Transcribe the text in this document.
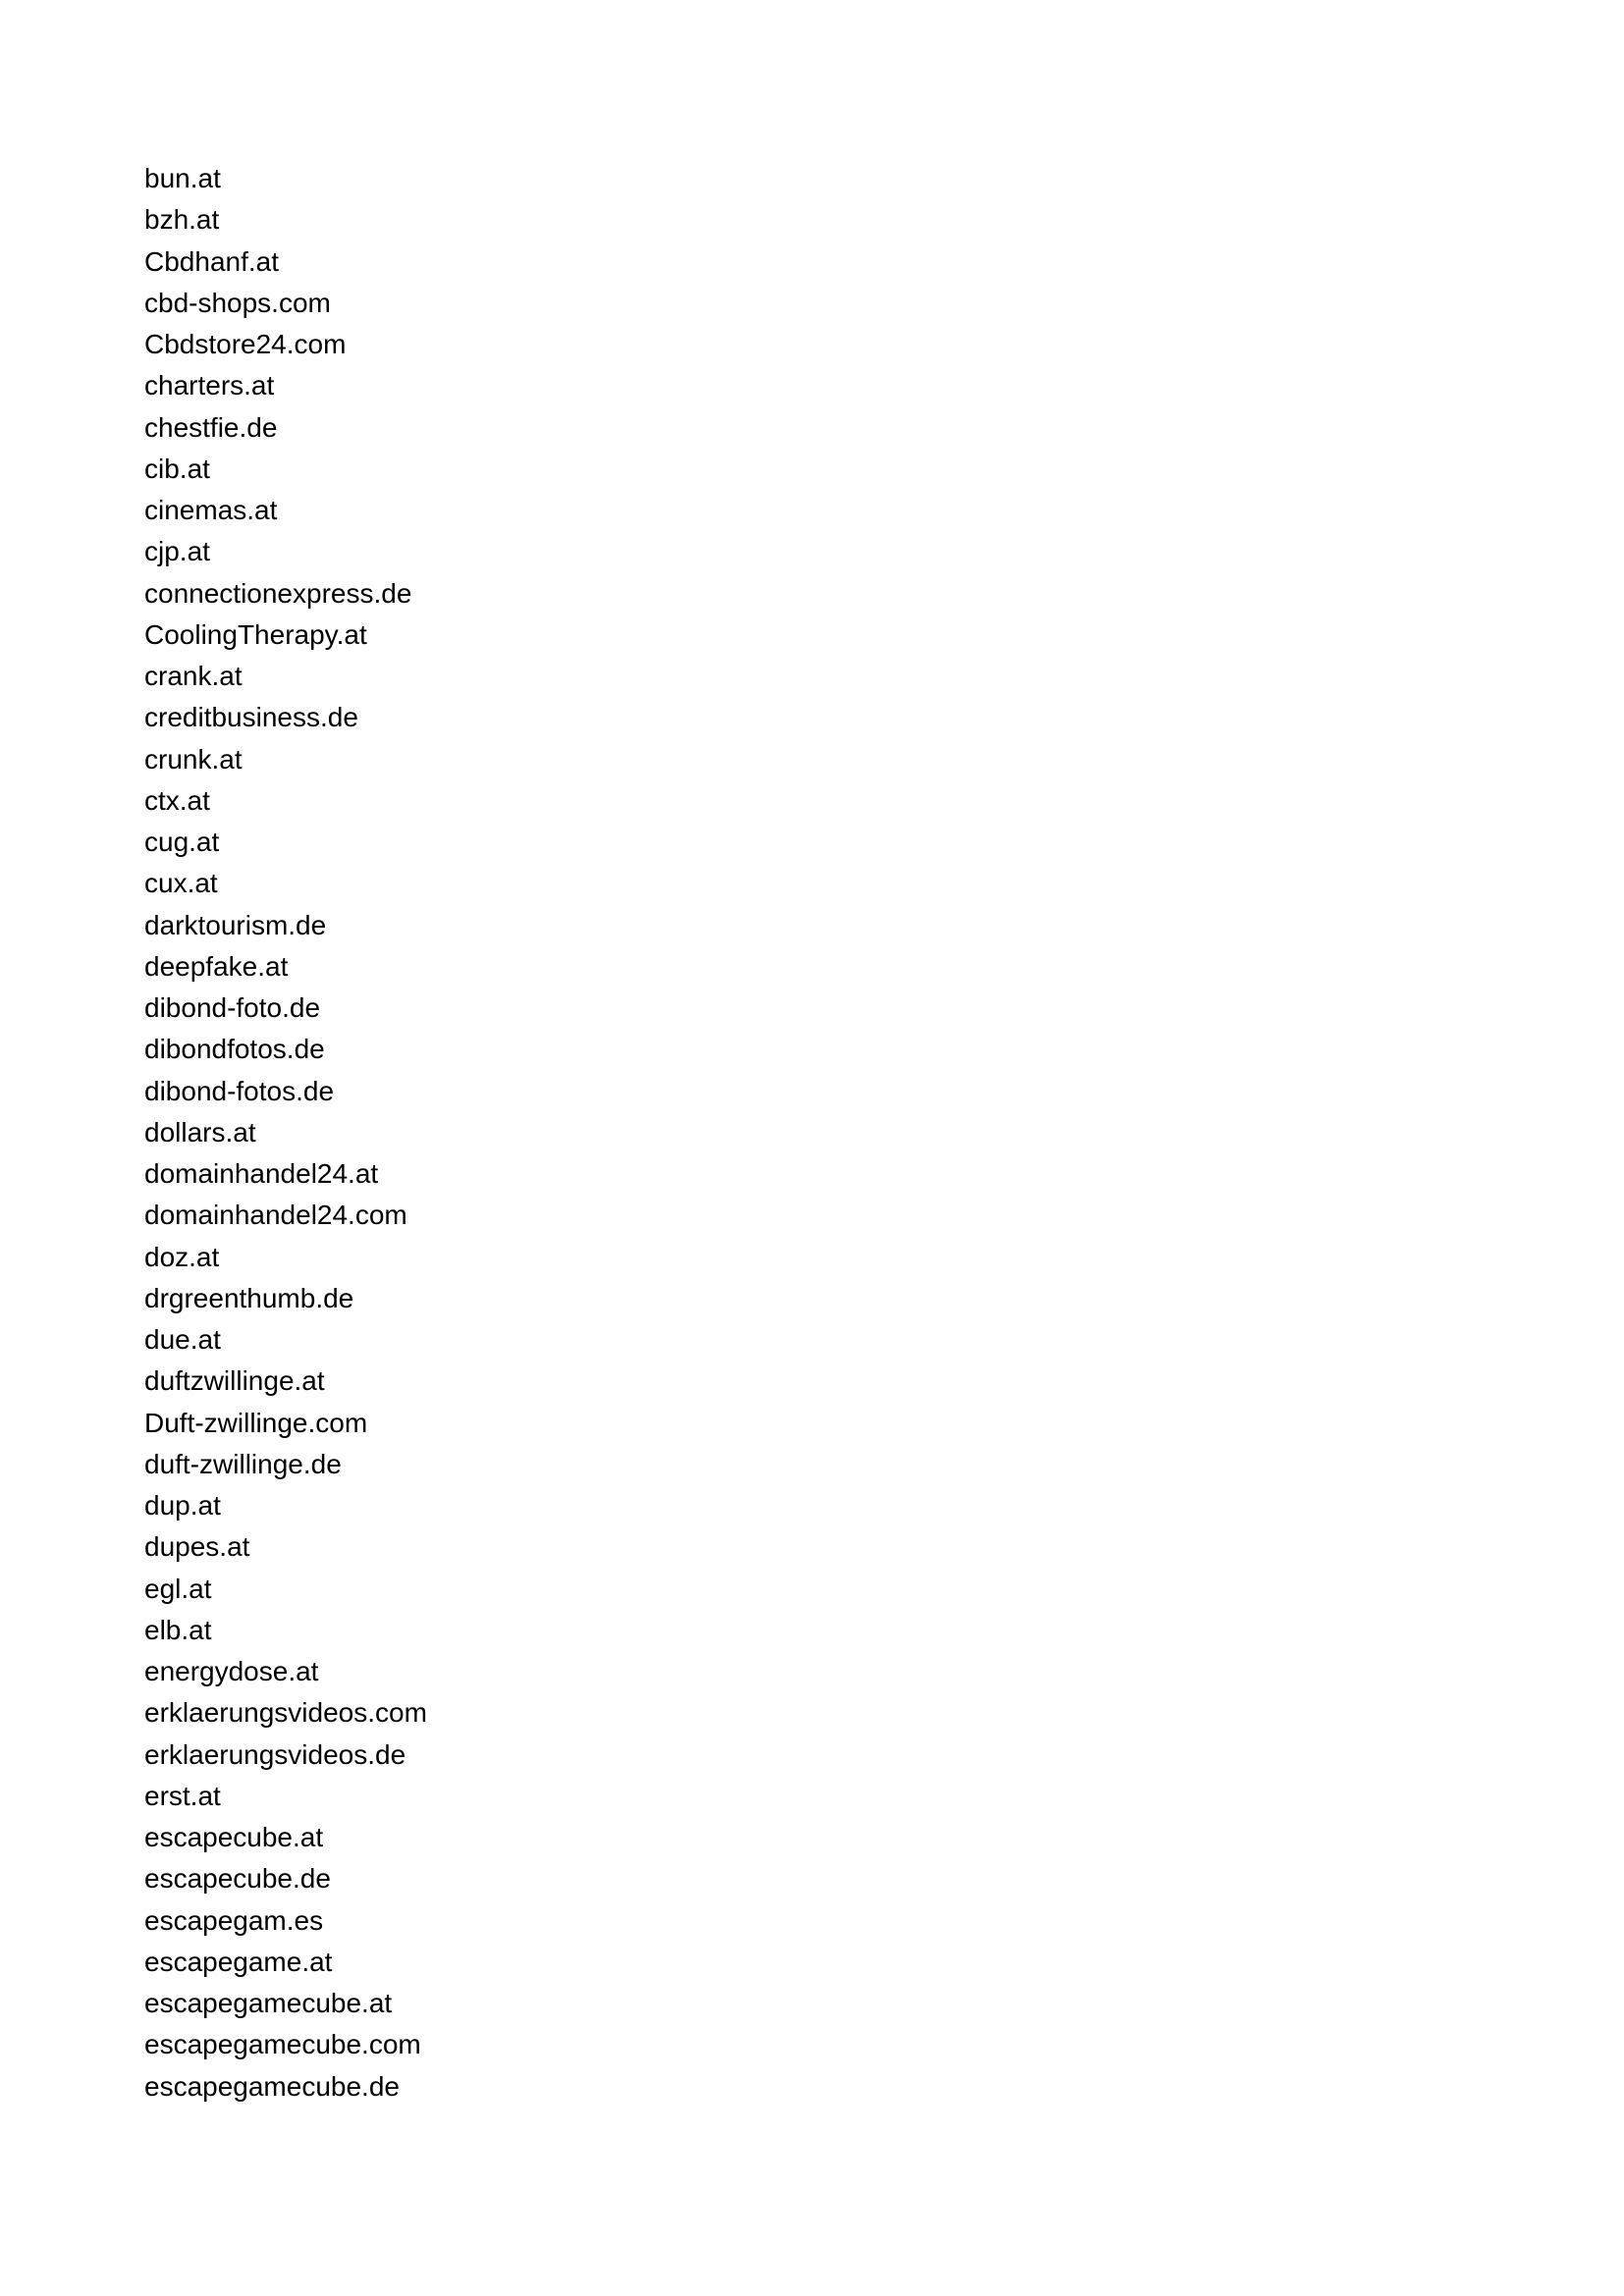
bun.at
bzh.at
Cbdhanf.at
cbd-shops.com
Cbdstore24.com
charters.at
chestfie.de
cib.at
cinemas.at
cjp.at
connectionexpress.de
CoolingTherapy.at
crank.at
creditbusiness.de
crunk.at
ctx.at
cug.at
cux.at
darktourism.de
deepfake.at
dibond-foto.de
dibondfotos.de
dibond-fotos.de
dollars.at
domainhandel24.at
domainhandel24.com
doz.at
drgreenthumb.de
due.at
duftzwillinge.at
Duft-zwillinge.com
duft-zwillinge.de
dup.at
dupes.at
egl.at
elb.at
energydose.at
erklaerungsvideos.com
erklaerungsvideos.de
erst.at
escapecube.at
escapecube.de
escapegam.es
escapegame.at
escapegamecube.at
escapegamecube.com
escapegamecube.de
